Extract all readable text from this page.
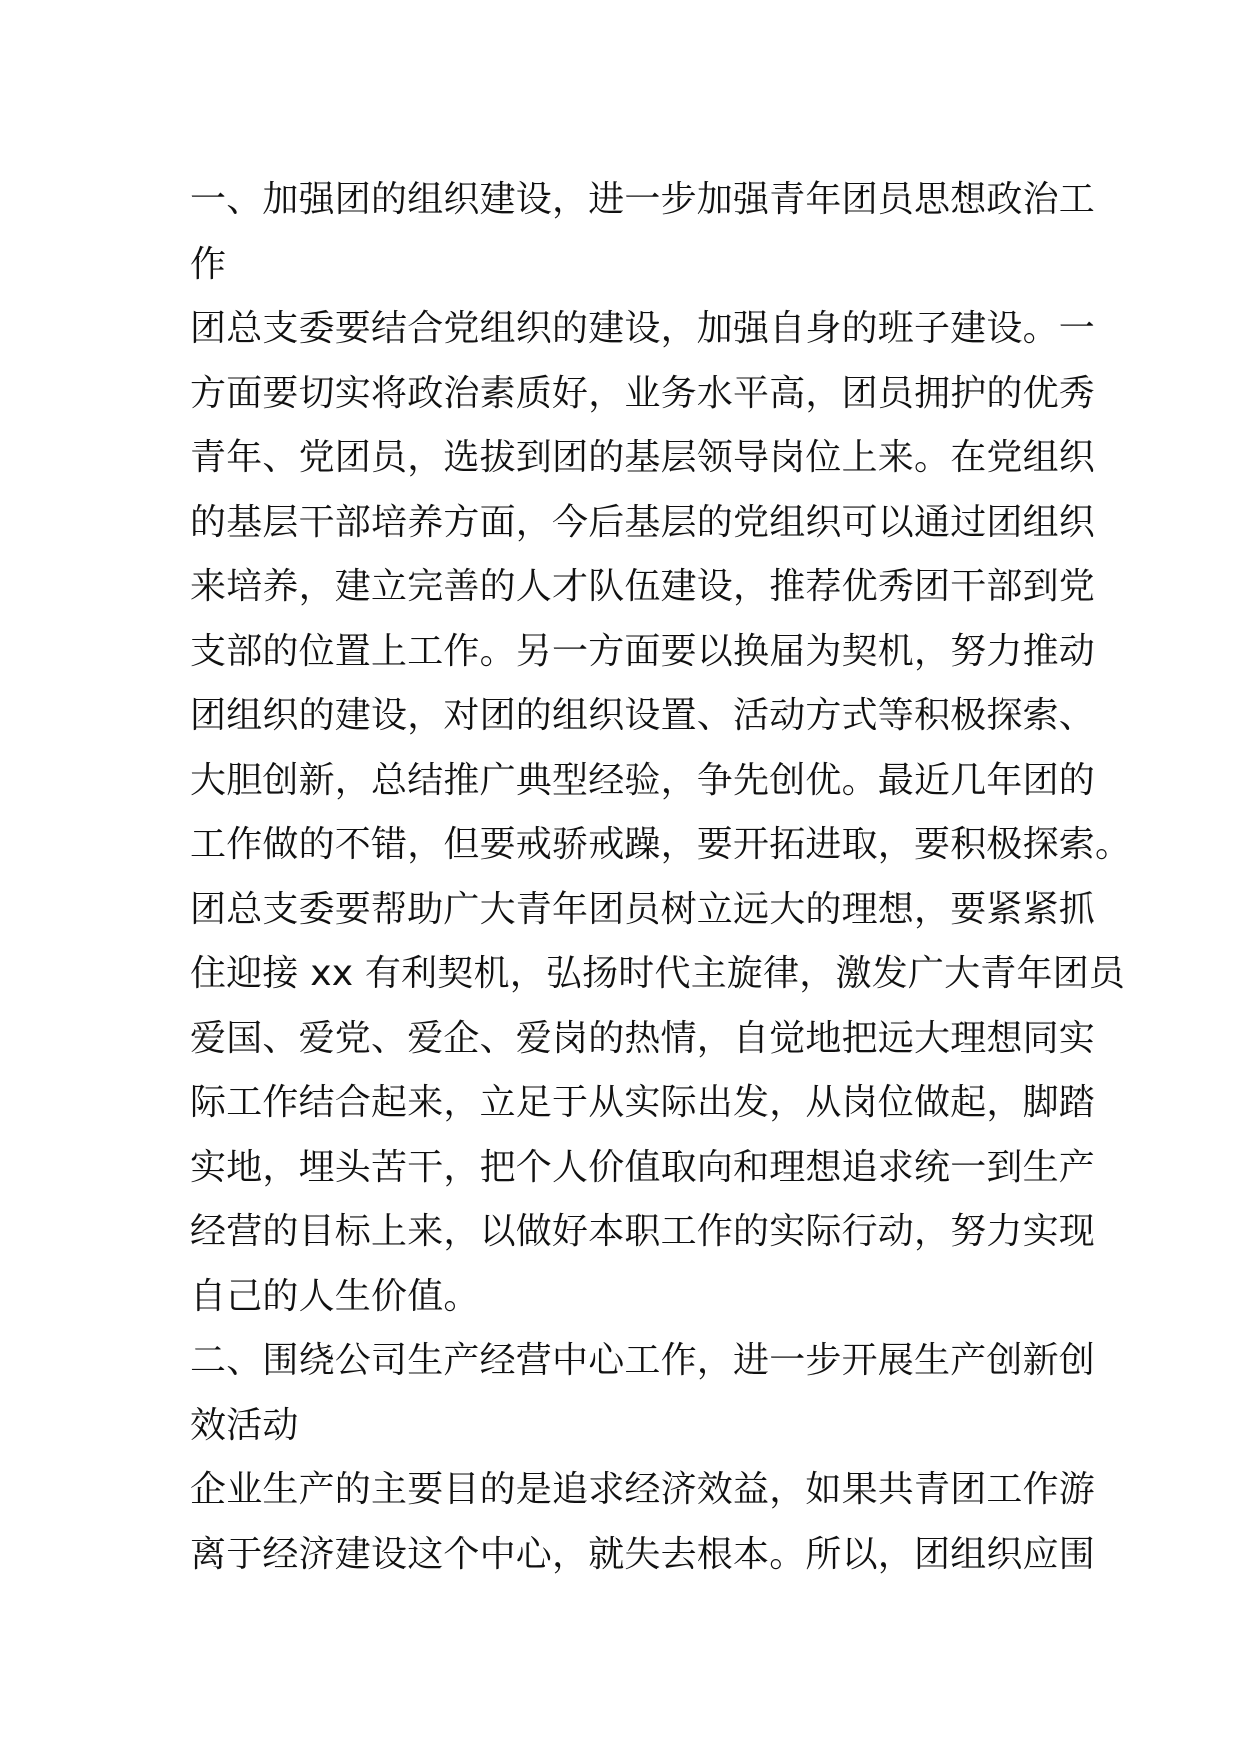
一、加强团的组织建设，进一步加强青年团员思想政治工
作
团总支委要结合党组织的建设，加强自身的班子建设。一
方面要切实将政治素质好，业务水平高，团员拥护的优秀
青年、党团员，选拔到团的基层领导岗位上来。在党组织
的基层干部培养方面，今后基层的党组织可以通过团组织
来培养，建立完善的人才队伍建设，推荐优秀团干部到党
支部的位置上工作。另一方面要以换届为契机，努力推动
团组织的建设，对团的组织设置、活动方式等积极探索、
大胆创新，总结推广典型经验，争先创优。最近几年团的
工作做的不错，但要戒骄戒躁，要开拓进取，要积极探索。
团总支委要帮助广大青年团员树立远大的理想，要紧紧抓
住迎接 xx 有利契机，弘扬时代主旋律，激发广大青年团员
爱国、爱党、爱企、爱岗的热情，自觉地把远大理想同实
际工作结合起来，立足于从实际出发，从岗位做起，脚踏
实地，埋头苦干，把个人价值取向和理想追求统一到生产
经营的目标上来，以做好本职工作的实际行动，努力实现
自己的人生价值。
二、围绕公司生产经营中心工作，进一步开展生产创新创
效活动
企业生产的主要目的是追求经济效益，如果共青团工作游
离于经济建设这个中心，就失去根本。所以，团组织应围
